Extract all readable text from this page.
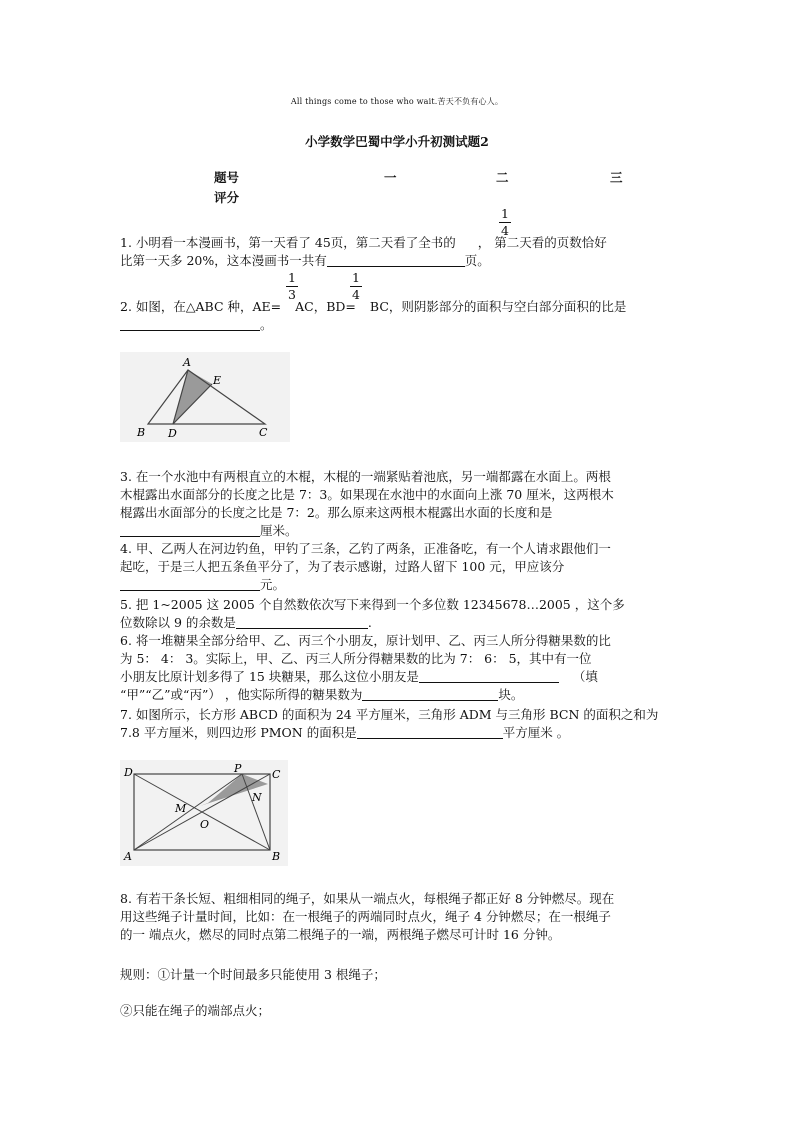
All things come to those who wait.苦天不负有心人。
小学数学巴蜀中学小升初测试题2
题号	一	二	三
评分
$\frac{1}{4}$
1. 小明看一本漫画书，第一天看了 45页，第二天看了全书的 ， 第二天看的页数恰好
比第一天多 20%，这本漫画书一共有	页。
$\frac{1}{3}$	$\frac{1}{4}$
2. 如图，在△ABC 种，AE= AC，BD= BC，则阴影部分的面积与空白部分面积的比是
。
A
B	C
D
E
3. 在一个水池中有两根直立的木棍，木棍的一端紧贴着池底，另一端都露在水面上。两根
木棍露出水面部分的长度之比是 7：3。如果现在水池中的水面向上涨 70 厘米，这两根木
棍露出水面部分的长度之比是 7：2。那么原来这两根木棍露出水面的长度和是
厘米。
4. 甲、乙两人在河边钓鱼，甲钓了三条，乙钓了两条，正准备吃，有一个人请求跟他们一
起吃，于是三人把五条鱼平分了，为了表示感谢，过路人留下 100 元，甲应该分
元。
5. 把 1~2005 这 2005 个自然数依次写下来得到一个多位数 12345678…2005 ，这个多
位数除以 9 的余数是	.
6. 将一堆糖果全部分给甲、乙、丙三个小朋友，原计划甲、乙、丙三人所分得糖果数的比
为 5： 4： 3。实际上，甲、乙、丙三人所分得糖果数的比为 7： 6： 5，其中有一位
小朋友比原计划多得了 15 块糖果，那么这位小朋友是	（填
“甲”“乙”或“丙”） ，他实际所得的糖果数为	块。
7. 如图所示，长方形 ABCD 的面积为 24 平方厘米，三角形 ADM 与三角形 BCN 的面积之和为
7.8 平方厘米，则四边形 PMON 的面积是	平方厘米 。
D
A	B
C
P
M
N
O
8. 有若干条长短、粗细相同的绳子，如果从一端点火，每根绳子都正好 8 分钟燃尽。现在
用这些绳子计量时间，比如：在一根绳子的两端同时点火，绳子 4 分钟燃尽；在一根绳子
的一 端点火，燃尽的同时点第二根绳子的一端，两根绳子燃尽可计时 16 分钟。
规则：①计量一个时间最多只能使用 3 根绳子；
②只能在绳子的端部点火；
